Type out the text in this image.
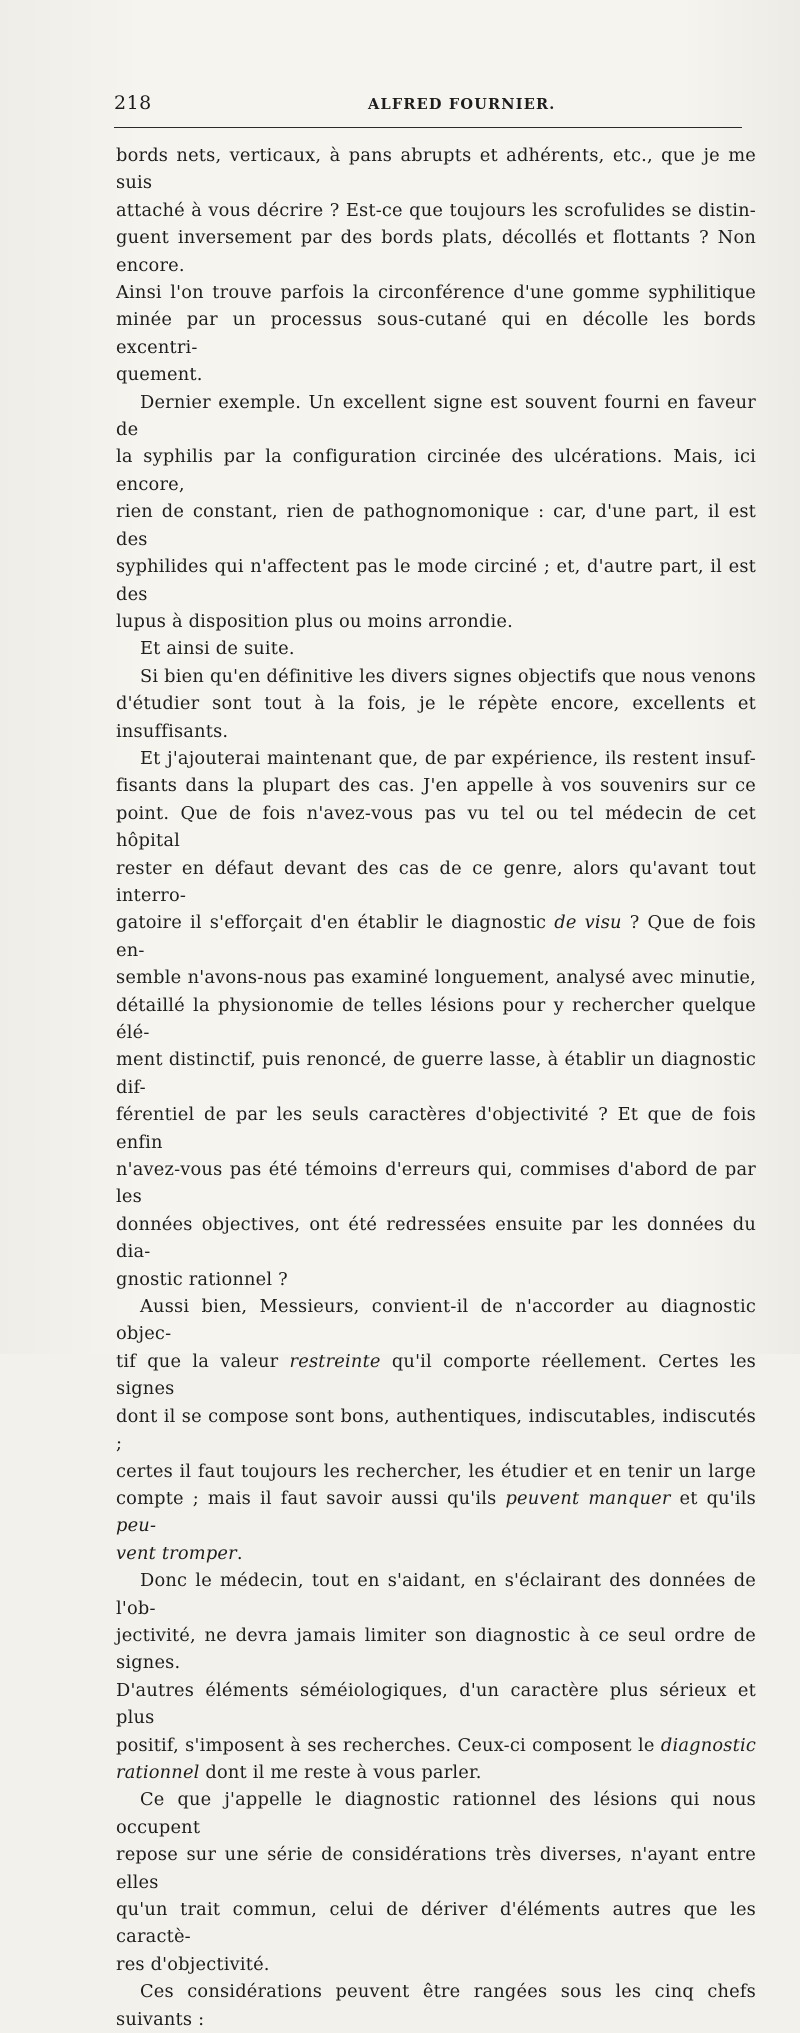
218	ALFRED FOURNIER.
bords nets, verticaux, à pans abrupts et adhérents, etc., que je me suis
attaché à vous décrire ? Est-ce que toujours les scrofulides se distin-
guent inversement par des bords plats, décollés et flottants ? Non encore.
Ainsi l'on trouve parfois la circonférence d'une gomme syphilitique
minée par un processus sous-cutané qui en décolle les bords excentri-
quement.
Dernier exemple. Un excellent signe est souvent fourni en faveur de
la syphilis par la configuration circinée des ulcérations. Mais, ici encore,
rien de constant, rien de pathognomonique : car, d'une part, il est des
syphilides qui n'affectent pas le mode circiné ; et, d'autre part, il est des
lupus à disposition plus ou moins arrondie.
Et ainsi de suite.
Si bien qu'en définitive les divers signes objectifs que nous venons
d'étudier sont tout à la fois, je le répète encore, excellents et insuffisants.
Et j'ajouterai maintenant que, de par expérience, ils restent insuf-
fisants dans la plupart des cas. J'en appelle à vos souvenirs sur ce
point. Que de fois n'avez-vous pas vu tel ou tel médecin de cet hôpital
rester en défaut devant des cas de ce genre, alors qu'avant tout interro-
gatoire il s'efforçait d'en établir le diagnostic de visu ? Que de fois en-
semble n'avons-nous pas examiné longuement, analysé avec minutie,
détaillé la physionomie de telles lésions pour y rechercher quelque élé-
ment distinctif, puis renoncé, de guerre lasse, à établir un diagnostic dif-
férentiel de par les seuls caractères d'objectivité ? Et que de fois enfin
n'avez-vous pas été témoins d'erreurs qui, commises d'abord de par les
données objectives, ont été redressées ensuite par les données du dia-
gnostic rationnel ?
Aussi bien, Messieurs, convient-il de n'accorder au diagnostic objec-
tif que la valeur restreinte qu'il comporte réellement. Certes les signes
dont il se compose sont bons, authentiques, indiscutables, indiscutés ;
certes il faut toujours les rechercher, les étudier et en tenir un large
compte ; mais il faut savoir aussi qu'ils peuvent manquer et qu'ils peu-
vent tromper.
Donc le médecin, tout en s'aidant, en s'éclairant des données de l'ob-
jectivité, ne devra jamais limiter son diagnostic à ce seul ordre de signes.
D'autres éléments séméiologiques, d'un caractère plus sérieux et plus
positif, s'imposent à ses recherches. Ceux-ci composent le diagnostic
rationnel dont il me reste à vous parler.
Ce que j'appelle le diagnostic rationnel des lésions qui nous occupent
repose sur une série de considérations très diverses, n'ayant entre elles
qu'un trait commun, celui de dériver d'éléments autres que les caractè-
res d'objectivité.
Ces considérations peuvent être rangées sous les cinq chefs suivants :
